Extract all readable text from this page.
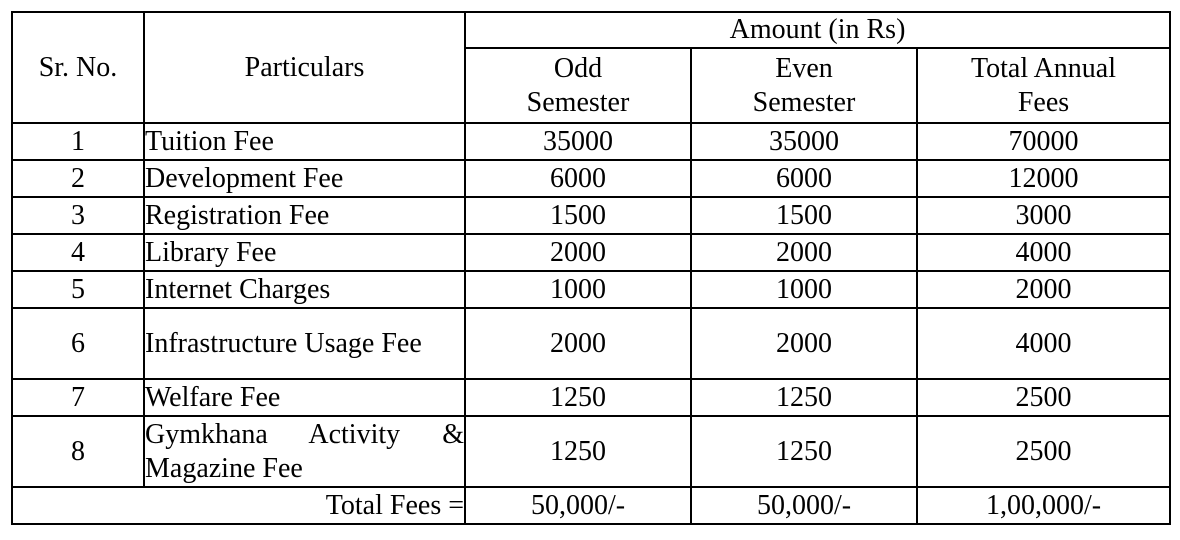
Sr. No.	Particulars	Amount (in Rs)		
		Odd Semester	Even Semester	Total Annual Fees
1	Tuition Fee	35000	35000	70000
2	Development Fee	6000	6000	12000
3	Registration Fee	1500	1500	3000
4	Library Fee	2000	2000	4000
5	Internet Charges	1000	1000	2000
6	Infrastructure Usage Fee	2000	2000	4000
7	Welfare Fee	1250	1250	2500
8	Gymkhana Activity & Magazine Fee	1250	1250	2500
Total Fees =		50,000/-	50,000/-	1,00,000/-
